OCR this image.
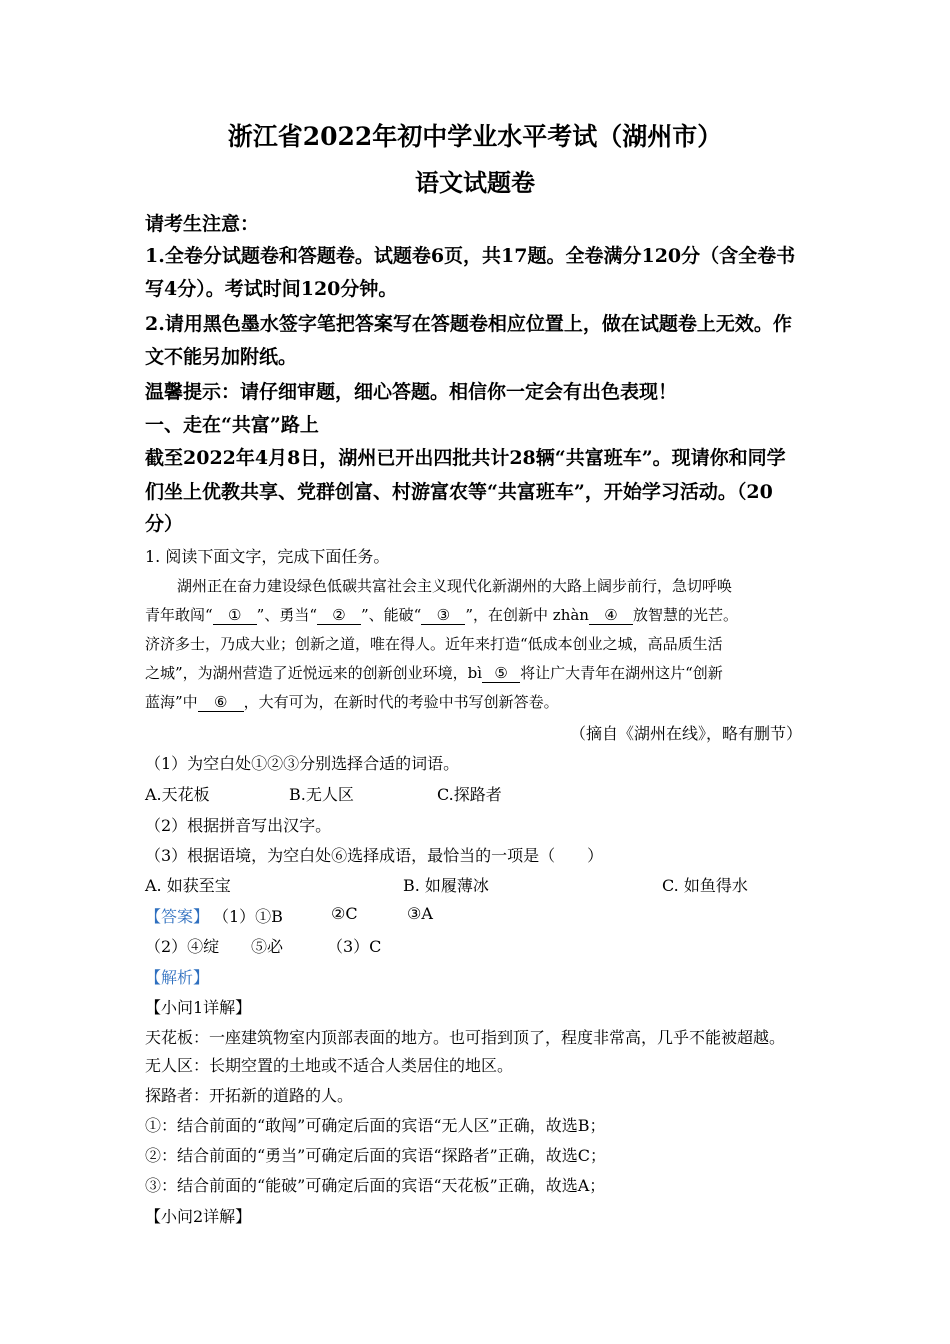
浙江省2022年初中学业水平考试（湖州市）
语文试题卷
请考生注意：
1.全卷分试题卷和答题卷。试题卷6页，共17题。全卷满分120分（含全卷书
写4分）。考试时间120分钟。
2.请用黑色墨水签字笔把答案写在答题卷相应位置上，做在试题卷上无效。作
文不能另加附纸。
温馨提示：请仔细审题，细心答题。相信你一定会有出色表现！
一、走在“共富”路上
截至2022年4月8日，湖州已开出四批共计28辆“共富班车”。现请你和同学
们坐上优教共享、党群创富、村游富农等“共富班车”，开始学习活动。（20
分）
1. 阅读下面文字，完成下面任务。
湖州正在奋力建设绿色低碳共富社会主义现代化新湖州的大路上阔步前行，急切呼唤
青年敢闯“ ① ”、勇当“ ② ”、能破“ ③ ”，在创新中 zhàn ④ 放智慧的光芒。
济济多士，乃成大业；创新之道，唯在得人。近年来打造“低成本创业之城，高品质生活
之城”，为湖州营造了近悦远来的创新创业环境，bì ⑤ 将让广大青年在湖州这片“创新
蓝海”中 ⑥ ，大有可为，在新时代的考验中书写创新答卷。
（摘自《湖州在线》，略有删节）
（1）为空白处①②③分别选择合适的词语。
A.天花板	B.无人区	C.探路者
（2）根据拼音写出汉字。
（3）根据语境，为空白处⑥选择成语，最恰当的一项是（　　）
A. 如获至宝	B. 如履薄冰	C. 如鱼得水
【答案】 （1）①B	②C	③A
（2）④绽 ⑤必	（3）C
【解析】
【小问1详解】
天花板：一座建筑物室内顶部表面的地方。也可指到顶了，程度非常高，几乎不能被超越。
无人区：长期空置的土地或不适合人类居住的地区。
探路者：开拓新的道路的人。
①：结合前面的“敢闯”可确定后面的宾语“无人区”正确，故选B；
②：结合前面的“勇当”可确定后面的宾语“探路者”正确，故选C；
③：结合前面的“能破”可确定后面的宾语“天花板”正确，故选A；
【小问2详解】
